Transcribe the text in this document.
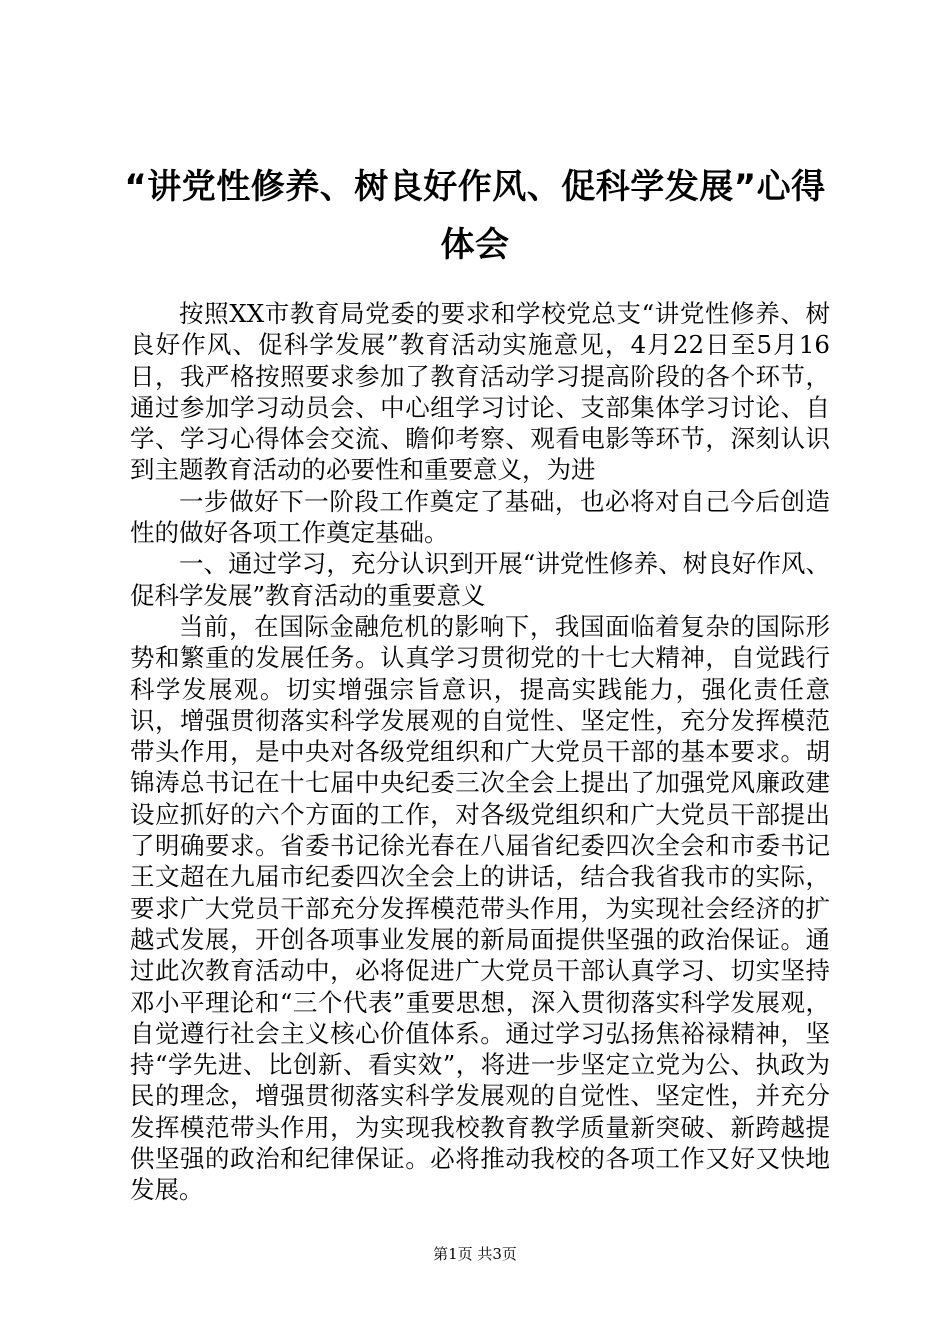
“讲党性修养、树良好作风、促科学发展”心得体会

按照XX市教育局党委的要求和学校党总支“讲党性修养、树良好作风、促科学发展”教育活动实施意见，4月22日至5月16日，我严格按照要求参加了教育活动学习提高阶段的各个环节，通过参加学习动员会、中心组学习讨论、支部集体学习讨论、自学、学习心得体会交流、瞻仰考察、观看电影等环节，深刻认识到主题教育活动的必要性和重要意义，为进

一步做好下一阶段工作奠定了基础，也必将对自己今后创造性的做好各项工作奠定基础。

一、通过学习，充分认识到开展“讲党性修养、树良好作风、促科学发展”教育活动的重要意义

当前，在国际金融危机的影响下，我国面临着复杂的国际形势和繁重的发展任务。认真学习贯彻党的十七大精神，自觉践行科学发展观。切实增强宗旨意识，提高实践能力，强化责任意识，增强贯彻落实科学发展观的自觉性、坚定性，充分发挥模范带头作用，是中央对各级党组织和广大党员干部的基本要求。胡锦涛总书记在十七届中央纪委三次全会上提出了加强党风廉政建设应抓好的六个方面的工作，对各级党组织和广大党员干部提出了明确要求。省委书记徐光春在八届省纪委四次全会和市委书记王文超在九届市纪委四次全会上的讲话，结合我省我市的实际，要求广大党员干部充分发挥模范带头作用，为实现社会经济的扩越式发展，开创各项事业发展的新局面提供坚强的政治保证。通过此次教育活动中，必将促进广大党员干部认真学习、切实坚持邓小平理论和“三个代表”重要思想，深入贯彻落实科学发展观，自觉遵行社会主义核心价值体系。通过学习弘扬焦裕禄精神，坚持“学先进、比创新、看实效”，将进一步坚定立党为公、执政为民的理念，增强贯彻落实科学发展观的自觉性、坚定性，并充分发挥模范带头作用，为实现我校教育教学质量新突破、新跨越提供坚强的政治和纪律保证。必将推动我校的各项工作又好又快地发展。

第1页 共3页
